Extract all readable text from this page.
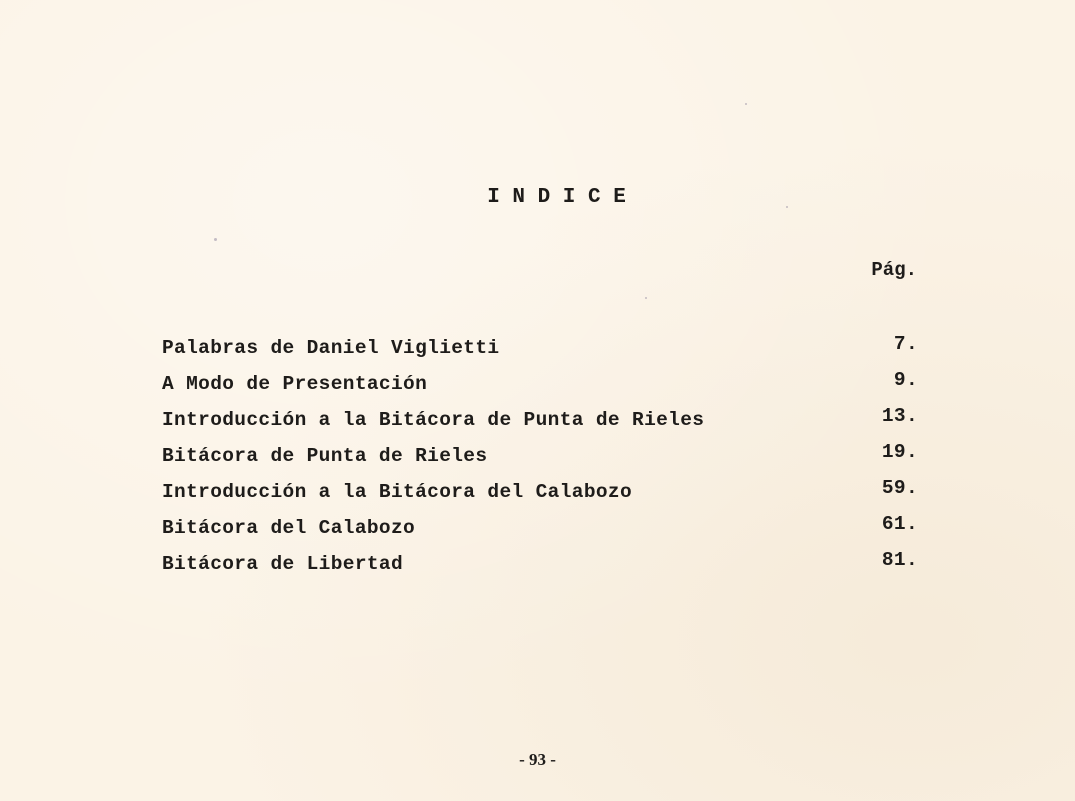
I N D I C E
Pág.
Palabras de Daniel Viglietti	7.
A Modo de Presentación	9.
Introducción a la Bitácora de Punta de Rieles	13.
Bitácora de Punta de Rieles	19.
Introducción a la Bitácora del Calabozo	59.
Bitácora del Calabozo	61.
Bitácora de Libertad	81.
- 93 -
